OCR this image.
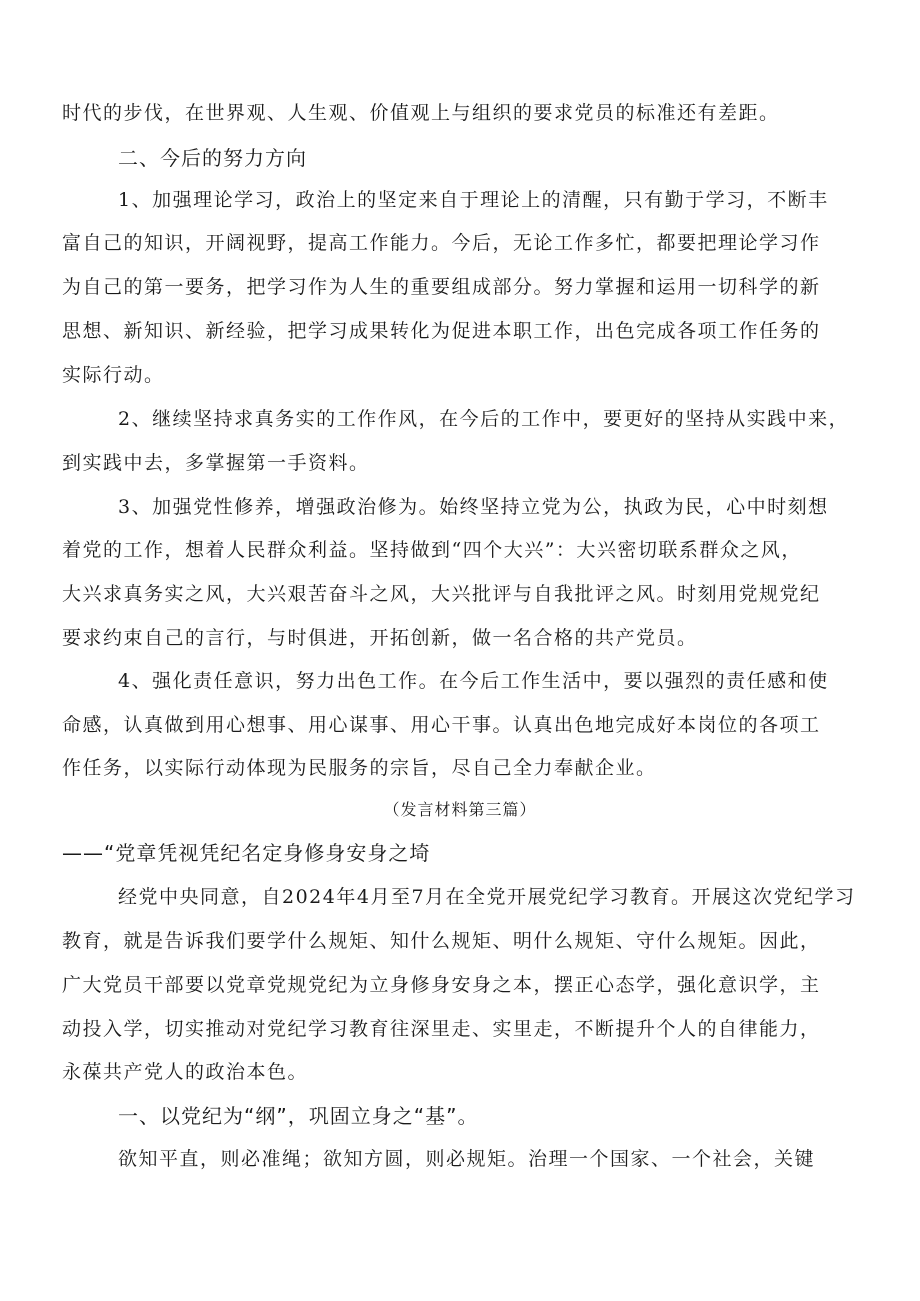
时代的步伐，在世界观、人生观、价值观上与组织的要求党员的标准还有差距。
二、今后的努力方向
1、加强理论学习，政治上的坚定来自于理论上的清醒，只有勤于学习，不断丰
富自己的知识，开阔视野，提高工作能力。今后，无论工作多忙，都要把理论学习作
为自己的第一要务，把学习作为人生的重要组成部分。努力掌握和运用一切科学的新
思想、新知识、新经验，把学习成果转化为促进本职工作，出色完成各项工作任务的
实际行动。
2、继续坚持求真务实的工作作风，在今后的工作中，要更好的坚持从实践中来，
到实践中去，多掌握第一手资料。
3、加强党性修养，增强政治修为。始终坚持立党为公，执政为民，心中时刻想
着党的工作，想着人民群众利益。坚持做到“四个大兴”：大兴密切联系群众之风，
大兴求真务实之风，大兴艰苦奋斗之风，大兴批评与自我批评之风。时刻用党规党纪
要求约束自己的言行，与时俱进，开拓创新，做一名合格的共产党员。
4、强化责任意识，努力出色工作。在今后工作生活中，要以强烈的责任感和使
命感，认真做到用心想事、用心谋事、用心干事。认真出色地完成好本岗位的各项工
作任务，以实际行动体现为民服务的宗旨，尽自己全力奉献企业。
（发言材料第三篇）
——“党章凭视凭纪名定身修身安身之埼
经党中央同意，自2024年4月至7月在全党开展党纪学习教育。开展这次党纪学习
教育，就是告诉我们要学什么规矩、知什么规矩、明什么规矩、守什么规矩。因此，
广大党员干部要以党章党规党纪为立身修身安身之本，摆正心态学，强化意识学，主
动投入学，切实推动对党纪学习教育往深里走、实里走，不断提升个人的自律能力，
永葆共产党人的政治本色。
一、以党纪为“纲”，巩固立身之“基”。
欲知平直，则必准绳；欲知方圆，则必规矩。治理一个国家、一个社会，关键
